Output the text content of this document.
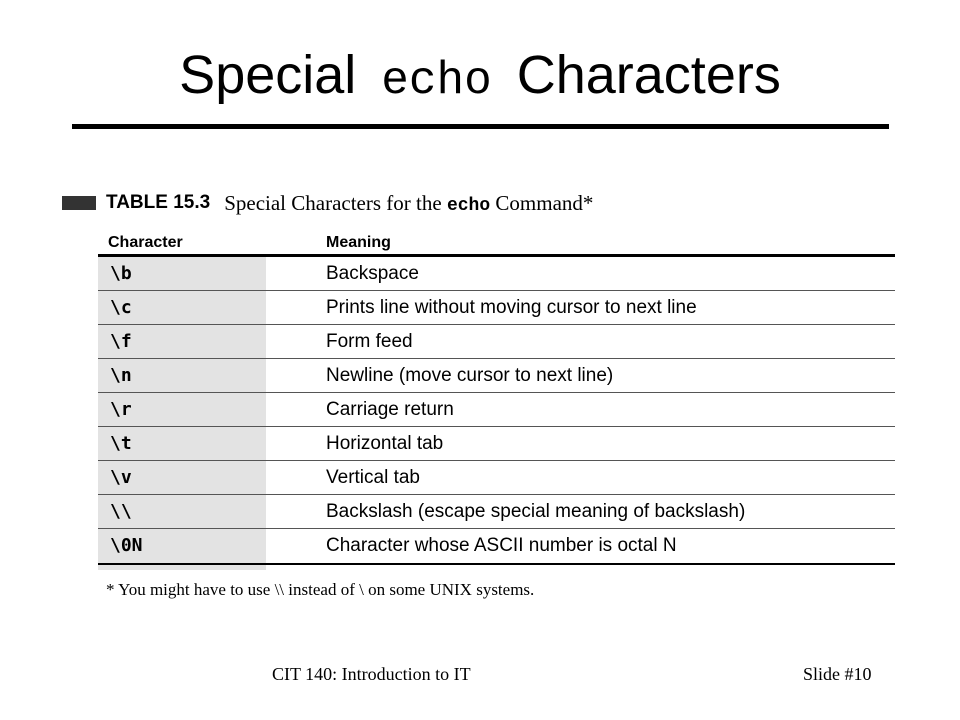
Special echo Characters
TABLE 15.3 Special Characters for the echo Command*
Character	Meaning
\b	Backspace
\c	Prints line without moving cursor to next line
\f	Form feed
\n	Newline (move cursor to next line)
\r	Carriage return
\t	Horizontal tab
\v	Vertical tab
\\	Backslash (escape special meaning of backslash)
\0N	Character whose ASCII number is octal N
* You might have to use \\ instead of \ on some UNIX systems.
CIT 140: Introduction to IT	Slide #10
